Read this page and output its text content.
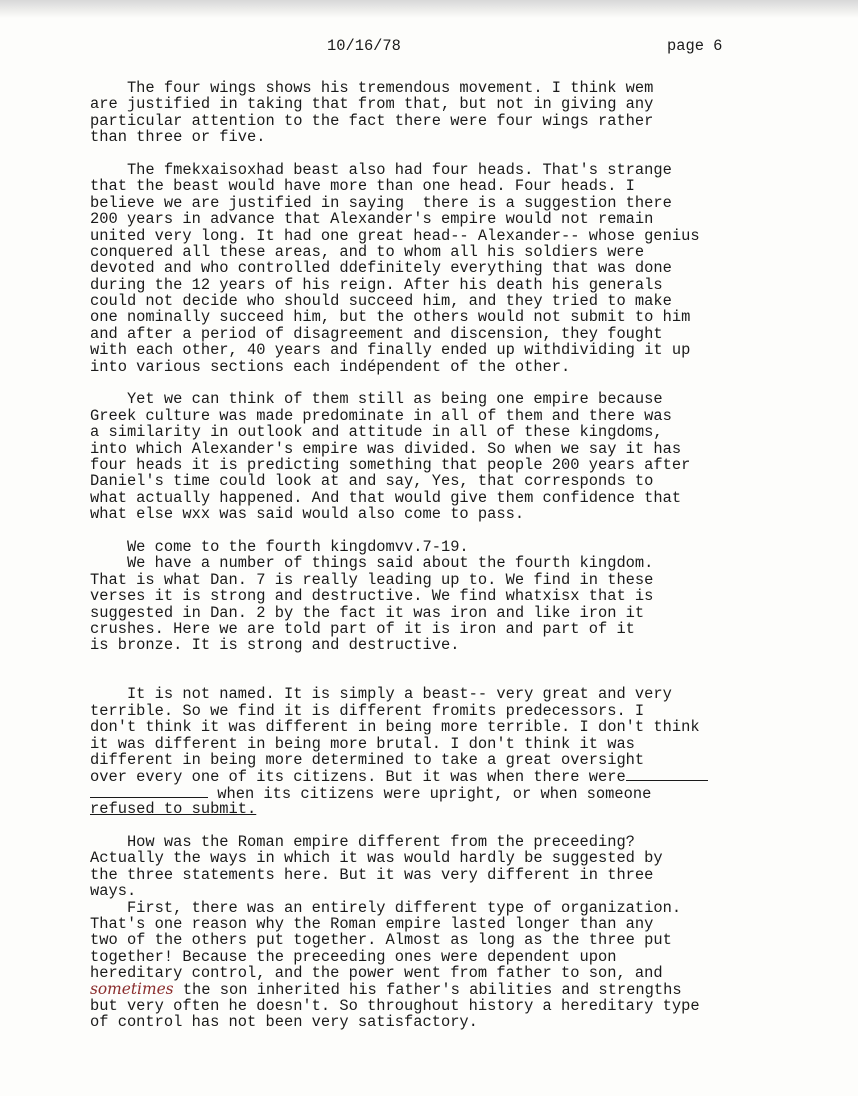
10/16/78	page 6
The four wings shows his tremendous movement. I think wem
are justified in taking that from that, but not in giving any
particular attention to the fact there were four wings rather
than three or five.
The fmekxaisoxhad beast also had four heads. That's strange
that the beast would have more than one head. Four heads. I
believe we are justified in saying  there is a suggestion there
200 years in advance that Alexander's empire would not remain
united very long. It had one great head-- Alexander-- whose genius
conquered all these areas, and to whom all his soldiers were
devoted and who controlled ddefinitely everything that was done
during the 12 years of his reign. After his death his generals
could not decide who should succeed him, and they tried to make
one nominally succeed him, but the others would not submit to him
and after a period of disagreement and discension, they fought
with each other, 40 years and finally ended up withdividing it up
into various sections each indépendent of the other.
Yet we can think of them still as being one empire because
Greek culture was made predominate in all of them and there was
a similarity in outlook and attitude in all of these kingdoms,
into which Alexander's empire was divided. So when we say it has
four heads it is predicting something that people 200 years after
Daniel's time could look at and say, Yes, that corresponds to
what actually happened. And that would give them confidence that
what else wxx was said would also come to pass.
We come to the fourth kingdomvv.7-19.
We have a number of things said about the fourth kingdom.
That is what Dan. 7 is really leading up to. We find in these
verses it is strong and destructive. We find whatxisx that is
suggested in Dan. 2 by the fact it was iron and like iron it
crushes. Here we are told part of it is iron and part of it
is bronze. It is strong and destructive.
It is not named. It is simply a beast-- very great and very
terrible. So we find it is different fromits predecessors. I
don't think it was different in being more terrible. I don't think
it was different in being more brutal. I don't think it was
different in being more determined to take a great oversight
over every one of its citizens. But it was when there were
when its citizens were upright, or when someone
refused to submit.
How was the Roman empire different from the preceeding?
Actually the ways in which it was would hardly be suggested by
the three statements here. But it was very different in three
ways.
First, there was an entirely different type of organization.
That's one reason why the Roman empire lasted longer than any
two of the others put together. Almost as long as the three put
together! Because the preceeding ones were dependent upon
hereditary control, and the power went from father to son, and
sometimes the son inherited his father's abilities and strengths
but very often he doesn't. So throughout history a hereditary type
of control has not been very satisfactory.
